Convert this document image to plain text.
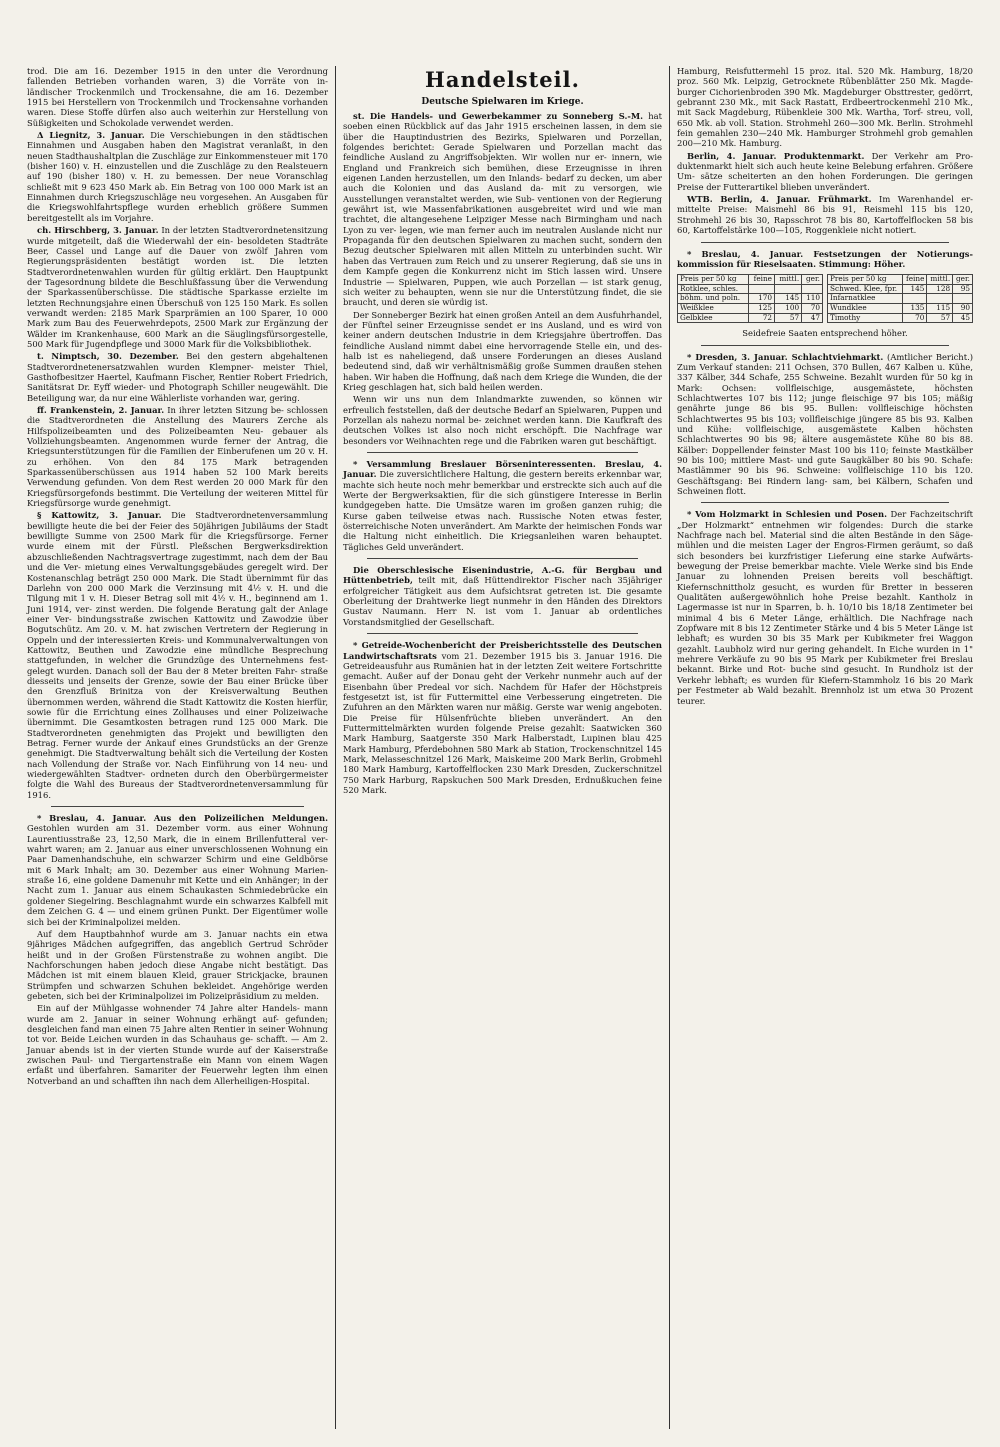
trod. Die am 16. Dezember 1915 in den unter die Verordnung fallenden Betrieben vorhanden waren, 3) die Vorräte von in- ländischer Trockenmilch und Trockensahne, die am 16. Dezember 1915 bei Herstellern von Trockenmilch und Trockensahne vorhanden waren. Diese Stoffe dürfen also auch weiterhin zur Herstellung von Süßigkeiten und Schokolade verwendet werden.

Δ Liegnitz, 3. Januar. Die Verschiebungen in den städtischen Einnahmen und Ausgaben haben den Magistrat veranlaßt, in den neuen Stadthaushaltplan die Zuschläge zur Einkommensteuer mit 170 (bisher 160) v. H. einzustellen und die Zuschläge zu den Realsteuern auf 190 (bisher 180) v. H. zu bemessen. Der neue Voranschlag schließt mit 9 623 450 Mark ab. Ein Betrag von 100 000 Mark ist an Einnahmen durch Kriegszuschläge neu vorgesehen. An Ausgaben für die Kriegswohlfahrtspflege wurden erheblich größere Summen bereitgestellt als im Vorjahre.

ch. Hirschberg, 3. Januar. In der letzten Stadtverordnetensitzung wurde mitgeteilt, daß die Wiederwahl der ein- besoldeten Stadträte Beer, Cassel und Lange auf die Dauer von zwölf Jahren vom Regierungspräsidenten bestätigt worden ist. Die letzten Stadtverordnetenwahlen wurden für gültig erklärt. Den Hauptpunkt der Tagesordnung bildete die Beschlußfassung über die Verwendung der Sparkassenüberschüsse. Die städtische Sparkasse erzielte im letzten Rechnungsjahre einen Überschuß von 125 150 Mark. Es sollen verwandt werden: 2185 Mark Sparprämien an 100 Sparer, 10 000 Mark zum Bau des Feuerwehrdepots, 2500 Mark zur Ergänzung der Wälder im Krankenhause, 600 Mark an die Säuglingsfürsorgestelle, 500 Mark für Jugendpflege und 3000 Mark für die Volksbibliothek.

t. Nimptsch, 30. Dezember. Bei den gestern abgehaltenen Stadtverordnetenersatzwahlen wurden Klempner- meister Thiel, Gasthofbesitzer Haertel, Kaufmann Fischer, Rentier Robert Friedrich, Sanitätsrat Dr. Eyff wieder- und Photograph Schiller neugewählt. Die Beteiligung war, da nur eine Wählerliste vorhanden war, gering.

ff. Frankenstein, 2. Januar. In ihrer letzten Sitzung be- schlossen die Stadtverordneten die Anstellung des Maurers Zerche als Hilfspolizeibeamten und des Polizeibeamten Neu- gebauer als Vollziehungsbeamten. Angenommen wurde ferner der Antrag, die Kriegsunterstützungen für die Familien der Einberufenen um 20 v. H. zu erhöhen. Von den 84 175 Mark betragenden Sparkassenüberschüssen aus 1914 haben 52 100 Mark bereits Verwendung gefunden. Von dem Rest werden 20 000 Mark für den Kriegsfürsorgefonds bestimmt. Die Verteilung der weiteren Mittel für Kriegsfürsorge wurde genehmigt.

§ Kattowitz, 3. Januar. Die Stadtverordnetenversammlung bewilligte heute die bei der Feier des 50jährigen Jubiläums der Stadt bewilligte Summe von 2500 Mark für die Kriegsfürsorge. Ferner wurde einem mit der Fürstl. Pleßschen Bergwerksdirektion abzuschließenden Nachtragsvertrage zugestimmt, nach dem der Bau und die Ver- mietung eines Verwaltungsgebäudes geregelt wird. Der Kostenanschlag beträgt 250 000 Mark. Die Stadt übernimmt für das Darlehn von 200 000 Mark die Verzinsung mit 4½ v. H. und die Tilgung mit 1 v. H. Dieser Betrag soll mit 4½ v. H., beginnend am 1. Juni 1914, ver- zinst werden. Die folgende Beratung galt der Anlage einer Ver- bindungsstraße zwischen Kattowitz und Zawodzie über Bogutschütz. Am 20. v. M. hat zwischen Vertretern der Regierung in Oppeln und der interessierten Kreis- und Kommunalverwaltungen von Kattowitz, Beuthen und Zawodzie eine mündliche Besprechung stattgefunden, in welcher die Grundzüge des Unternehmens fest- gelegt wurden. Danach soll der Bau der 8 Meter breiten Fahr- straße diesseits und jenseits der Grenze, sowie der Bau einer Brücke über den Grenzfluß Brinitza von der Kreisverwaltung Beuthen übernommen werden, während die Stadt Kattowitz die Kosten hierfür, sowie für die Errichtung eines Zollhauses und einer Polizeiwache übernimmt. Die Gesamtkosten betragen rund 125 000 Mark. Die Stadtverordneten genehmigten das Projekt und bewilligten den Betrag. Ferner wurde der Ankauf eines Grundstücks an der Grenze genehmigt. Die Stadtverwaltung behält sich die Verteilung der Kosten nach Vollendung der Straße vor. Nach Einführung von 14 neu- und wiedergewählten Stadtver- ordneten durch den Oberbürgermeister folgte die Wahl des Bureaus der Stadtverordnetenversammlung für 1916.

* Breslau, 4. Januar. Aus den Polizeilichen Meldungen. Gestohlen wurden am 31. Dezember vorm. aus einer Wohnung Laurentiusstraße 23, 12,50 Mark, die in einem Brillenfutteral ver- wahrt waren; am 2. Januar aus einer unverschlossenen Wohnung ein Paar Damenhandschuhe, ein schwarzer Schirm und eine Geldbörse mit 6 Mark Inhalt; am 30. Dezember aus einer Wohnung Marien- straße 16, eine goldene Damenuhr mit Kette und ein Anhänger; in der Nacht zum 1. Januar aus einem Schaukasten Schmiedebrücke ein goldener Siegelring. Beschlagnahmt wurde ein schwarzes Kalbfell mit dem Zeichen G. 4 — und einem grünen Punkt. Der Eigentümer wolle sich bei der Kriminalpolizei melden.

Auf dem Hauptbahnhof wurde am 3. Januar nachts ein etwa 9jähriges Mädchen aufgegriffen, das angeblich Gertrud Schröder heißt und in der Großen Fürstenstraße zu wohnen angibt. Die Nachforschungen haben jedoch diese Angabe nicht bestätigt. Das Mädchen ist mit einem blauen Kleid, grauer Strickjacke, braunen Strümpfen und schwarzen Schuhen bekleidet. Angehörige werden gebeten, sich bei der Kriminalpolizei im Polizeipräsidium zu melden.

Ein auf der Mühlgasse wohnender 74 Jahre alter Handels- mann wurde am 2. Januar in seiner Wohnung erhängt auf- gefunden; desgleichen fand man einen 75 Jahre alten Rentier in seiner Wohnung tot vor. Beide Leichen wurden in das Schauhaus ge- schafft. — Am 2. Januar abends ist in der vierten Stunde wurde auf der Kaiserstraße zwischen Paul- und Tiergartenstraße ein Mann von einem Wagen erfaßt und überfahren. Samariter der Feuerwehr legten ihm einen Notverband an und schafften ihn nach dem Allerheiligen-Hospital.

Handelsteil.
Deutsche Spielwaren im Kriege.

st. Die Handels- und Gewerbekammer zu Sonneberg S.-M. hat soeben einen Rückblick auf das Jahr 1915 erscheinen lassen, in dem sie über die Hauptindustrien des Bezirks, Spielwaren und Porzellan, folgendes berichtet: Gerade Spielwaren und Porzellan macht das feindliche Ausland zu Angriffsobjekten. Wir wollen nur er- innern, wie England und Frankreich sich bemühen, diese Erzeugnisse in ihren eigenen Landen herzustellen, um den Inlands- bedarf zu decken, um aber auch die Kolonien und das Ausland da- mit zu versorgen, wie Ausstellungen veranstaltet werden, wie Sub- ventionen von der Regierung gewährt ist, wie Massenfabrikationen ausgebreitet wird und wie man trachtet, die altangesehene Leipziger Messe nach Birmingham und nach Lyon zu ver- legen, wie man ferner auch im neutralen Auslande nicht nur Propaganda für den deutschen Spielwaren zu machen sucht, sondern den Bezug deutscher Spielwaren mit allen Mitteln zu unterbinden sucht. Wir haben das Vertrauen zum Reich und zu unserer Regierung, daß sie uns in dem Kampfe gegen die Konkurrenz nicht im Stich lassen wird. Unsere Industrie — Spielwaren, Puppen, wie auch Porzellan — ist stark genug, sich weiter zu behaupten, wenn sie nur die Unterstützung findet, die sie braucht, und deren sie würdig ist.

Der Sonneberger Bezirk hat einen großen Anteil an dem Ausfuhrhandel, der Fünftel seiner Erzeugnisse sendet er ins Ausland, und es wird von keiner andern deutschen Industrie in dem Kriegsjahre übertroffen. Das feindliche Ausland nimmt dabei eine hervorragende Stelle ein, und des- halb ist es naheliegend, daß unsere Forderungen an dieses Ausland bedeutend sind, daß wir verhältnismäßig große Summen draußen stehen haben. Wir haben die Hoffnung, daß nach dem Kriege die Wunden, die der Krieg geschlagen hat, sich bald heilen werden.

Wenn wir uns nun dem Inlandmarkte zuwenden, so können wir erfreulich feststellen, daß der deutsche Bedarf an Spielwaren, Puppen und Porzellan als nahezu normal be- zeichnet werden kann. Die Kaufkraft des deutschen Volkes ist also noch nicht erschöpft. Die Nachfrage war besonders vor Weihnachten rege und die Fabriken waren gut beschäftigt.

* Versammlung Breslauer Börseninteressenten. Breslau, 4. Januar. Die zuversichtlichere Haltung, die gestern bereits erkennbar war, machte sich heute noch mehr bemerkbar und erstreckte sich auch auf die Werte der Bergwerksaktien, für die sich günstigere Interesse in Berlin kundgegeben hatte. Die Umsätze waren im großen ganzen ruhig; die Kurse gaben teilweise etwas nach. Russische Noten etwas fester, österreichische Noten unverändert. Am Markte der heimischen Fonds war die Haltung nicht einheitlich. Die Kriegsanleihen waren behauptet. Tägliches Geld unverändert.

Die Oberschlesische Eisenindustrie, A.-G. für Bergbau und Hüttenbetrieb, teilt mit, daß Hüttendirektor Fischer nach 35jähriger erfolgreicher Tätigkeit aus dem Aufsichtsrat getreten ist. Die gesamte Oberleitung der Drahtwerke liegt nunmehr in den Händen des Direktors Gustav Naumann. Herr N. ist vom 1. Januar ab ordentliches Vorstandsmitglied der Gesellschaft.

* Getreide-Wochenbericht der Preisberichtsstelle des Deutschen Landwirtschaftsrats vom 21. Dezember 1915 bis 3. Januar 1916. Die Getreideausfuhr aus Rumänien hat in der letzten Zeit weitere Fortschritte gemacht. Außer auf der Donau geht der Verkehr nunmehr auch auf der Eisenbahn über Predeal vor sich. Nachdem für Hafer der Höchstpreis festgesetzt ist, ist für Futtermittel eine Verbesserung eingetreten. Die Zufuhren an den Märkten waren nur mäßig. Gerste war wenig angeboten. Die Preise für Hülsenfrüchte blieben unverändert. An den Futtermittelmärkten wurden folgende Preise gezahlt: Saatwicken 360 Mark Hamburg, Saatgerste 350 Mark Halberstadt, Lupinen blau 425 Mark Hamburg, Pferdebohnen 580 Mark ab Station, Trockenschnitzel 145 Mark, Melasseschnitzel 126 Mark, Maiskeime 200 Mark Berlin, Grobmehl 180 Mark Hamburg, Kartoffelflocken 230 Mark Dresden, Zuckerschnitzel 750 Mark Harburg, Rapskuchen 500 Mark Dresden, Erdnußkuchen feine 520 Mark.

Hamburg, Reisfuttermehl 15 proz. ital. 520 Mk. Hamburg, 18/20 proz. 560 Mk. Leipzig, Getrocknete Rübenblätter 250 Mk. Magde- burger Cichorienbroden 390 Mk. Magdeburger Obsttrester, gedörrt, gebrannt 230 Mk., mit Sack Rastatt, Erdbeertrockenmehl 210 Mk., mit Sack Magdeburg, Rübenkleie 300 Mk. Wartha, Torf- streu, voll, 650 Mk. ab voll. Station. Strohmehl 260—300 Mk. Berlin. Strohmehl fein gemahlen 230—240 Mk. Hamburger Strohmehl grob gemahlen 200—210 Mk. Hamburg.

Berlin, 4. Januar. Produktenmarkt. Der Verkehr am Pro- duktenmarkt hielt sich auch heute keine Belebung erfahren. Größere Um- sätze scheiterten an den hohen Forderungen. Die geringen Preise der Futterartikel blieben unverändert.

WTB. Berlin, 4. Januar. Frühmarkt. Im Warenhandel er- mittelte Preise: Maismehl 86 bis 91, Reismehl 115 bis 120, Strohmehl 26 bis 30, Rapsschrot 78 bis 80, Kartoffelflocken 58 bis 60, Kartoffelstärke 100—105, Roggenkleie nicht notiert.

* Breslau, 4. Januar. Festsetzungen der Notierungs- kommission für Rieselsaaten. Stimmung: Höher.

Preis per 50 kg	feine	mittl.	ger.
Rotklee, schles.			
böhm. und poln.	170	145	110
Weißklee	125	100	70
Gelbklee	72	57	47
Preis per 50 kg	feine	mittl.	ger.
Schwed. Klee, fpr.	145	128	95
Infarnatklee			
Wundklee	135	115	90
Timothy	70	57	45

Seidefreie Saaten entsprechend höher.

* Dresden, 3. Januar. Schlachtviehmarkt. (Amtlicher Bericht.) Zum Verkauf standen: 211 Ochsen, 370 Bullen, 467 Kalben u. Kühe, 337 Kälber, 344 Schafe, 255 Schweine. Bezahlt wurden für 50 kg in Mark: Ochsen: vollfleischige, ausgemästete, höchsten Schlachtwertes 107 bis 112; junge fleischige 97 bis 105; mäßig genährte junge 86 bis 95. Bullen: vollfleischige höchsten Schlachtwertes 95 bis 103; vollfleischige jüngere 85 bis 93. Kalben und Kühe: vollfleischige, ausgemästete Kalben höchsten Schlachtwertes 90 bis 98; ältere ausgemästete Kühe 80 bis 88. Kälber: Doppellender feinster Mast 100 bis 110; feinste Mastkälber 90 bis 100; mittlere Mast- und gute Saugkälber 80 bis 90. Schafe: Mastlämmer 90 bis 96. Schweine: vollfleischige 110 bis 120. Geschäftsgang: Bei Rindern lang- sam, bei Kälbern, Schafen und Schweinen flott.

* Vom Holzmarkt in Schlesien und Posen. Der Fachzeitschrift „Der Holzmarkt“ entnehmen wir folgendes: Durch die starke Nachfrage nach bel. Material sind die alten Bestände in den Säge- mühlen und die meisten Lager der Engros-Firmen geräumt, so daß sich besonders bei kurzfristiger Lieferung eine starke Aufwärts- bewegung der Preise bemerkbar machte. Viele Werke sind bis Ende Januar zu lohnenden Preisen bereits voll beschäftigt. Kiefernschnittholz gesucht, es wurden für Bretter in besseren Qualitäten außergewöhnlich hohe Preise bezahlt. Kantholz in Lagermasse ist nur in Sparren, b. h. 10/10 bis 18/18 Zentimeter bei minimal 4 bis 6 Meter Länge, erhältlich. Die Nachfrage nach Zopfware mit 8 bis 12 Zentimeter Stärke und 4 bis 5 Meter Länge ist lebhaft; es wurden 30 bis 35 Mark per Kubikmeter frei Waggon gezahlt. Laubholz wird nur gering gehandelt. In Eiche wurden in 1" mehrere Verkäufe zu 90 bis 95 Mark per Kubikmeter frei Breslau bekannt. Birke und Rot- buche sind gesucht. In Rundholz ist der Verkehr lebhaft; es wurden für Kiefern-Stammholz 16 bis 20 Mark per Festmeter ab Wald bezahlt. Brennholz ist um etwa 30 Prozent teurer.
